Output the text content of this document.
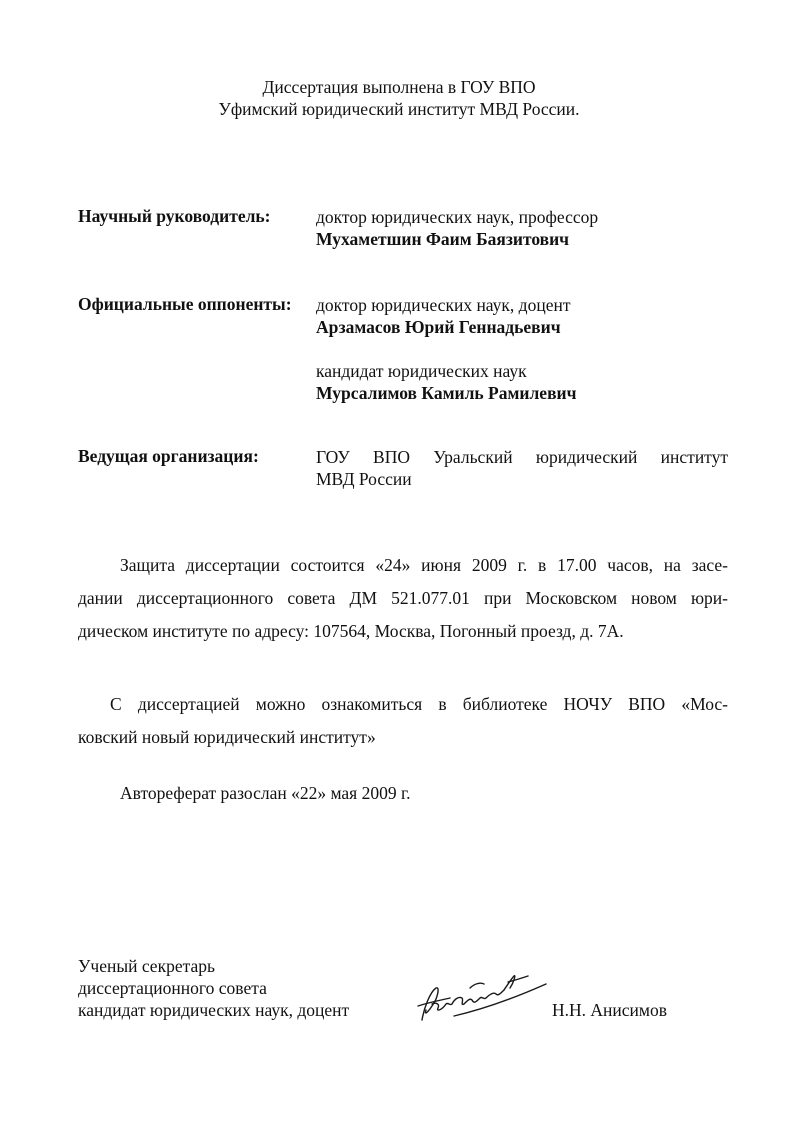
Диссертация выполнена в ГОУ ВПО
Уфимский юридический институт МВД России.
Научный руководитель:	доктор юридических наук, профессор
Мухаметшин Фаим Баязитович
Официальные оппоненты: доктор юридических наук, доцент
Арзамасов Юрий Геннадьевич
кандидат юридических наук
Мурсалимов Камиль Рамилевич
Ведущая организация:	ГОУ ВПО Уральский юридический институт
МВД России
Защита диссертации состоится «24» июня 2009 г. в 17.00 часов, на засе-
дании диссертационного совета ДМ 521.077.01 при Московском новом юри-
дическом институте по адресу: 107564, Москва, Погонный проезд, д. 7А.
С диссертацией можно ознакомиться в библиотеке НОЧУ ВПО «Мос-
ковский новый юридический институт»
Автореферат разослан «22» мая 2009 г.
Ученый секретарь
диссертационного совета
кандидат юридических наук, доцент	Н.Н. Анисимов
